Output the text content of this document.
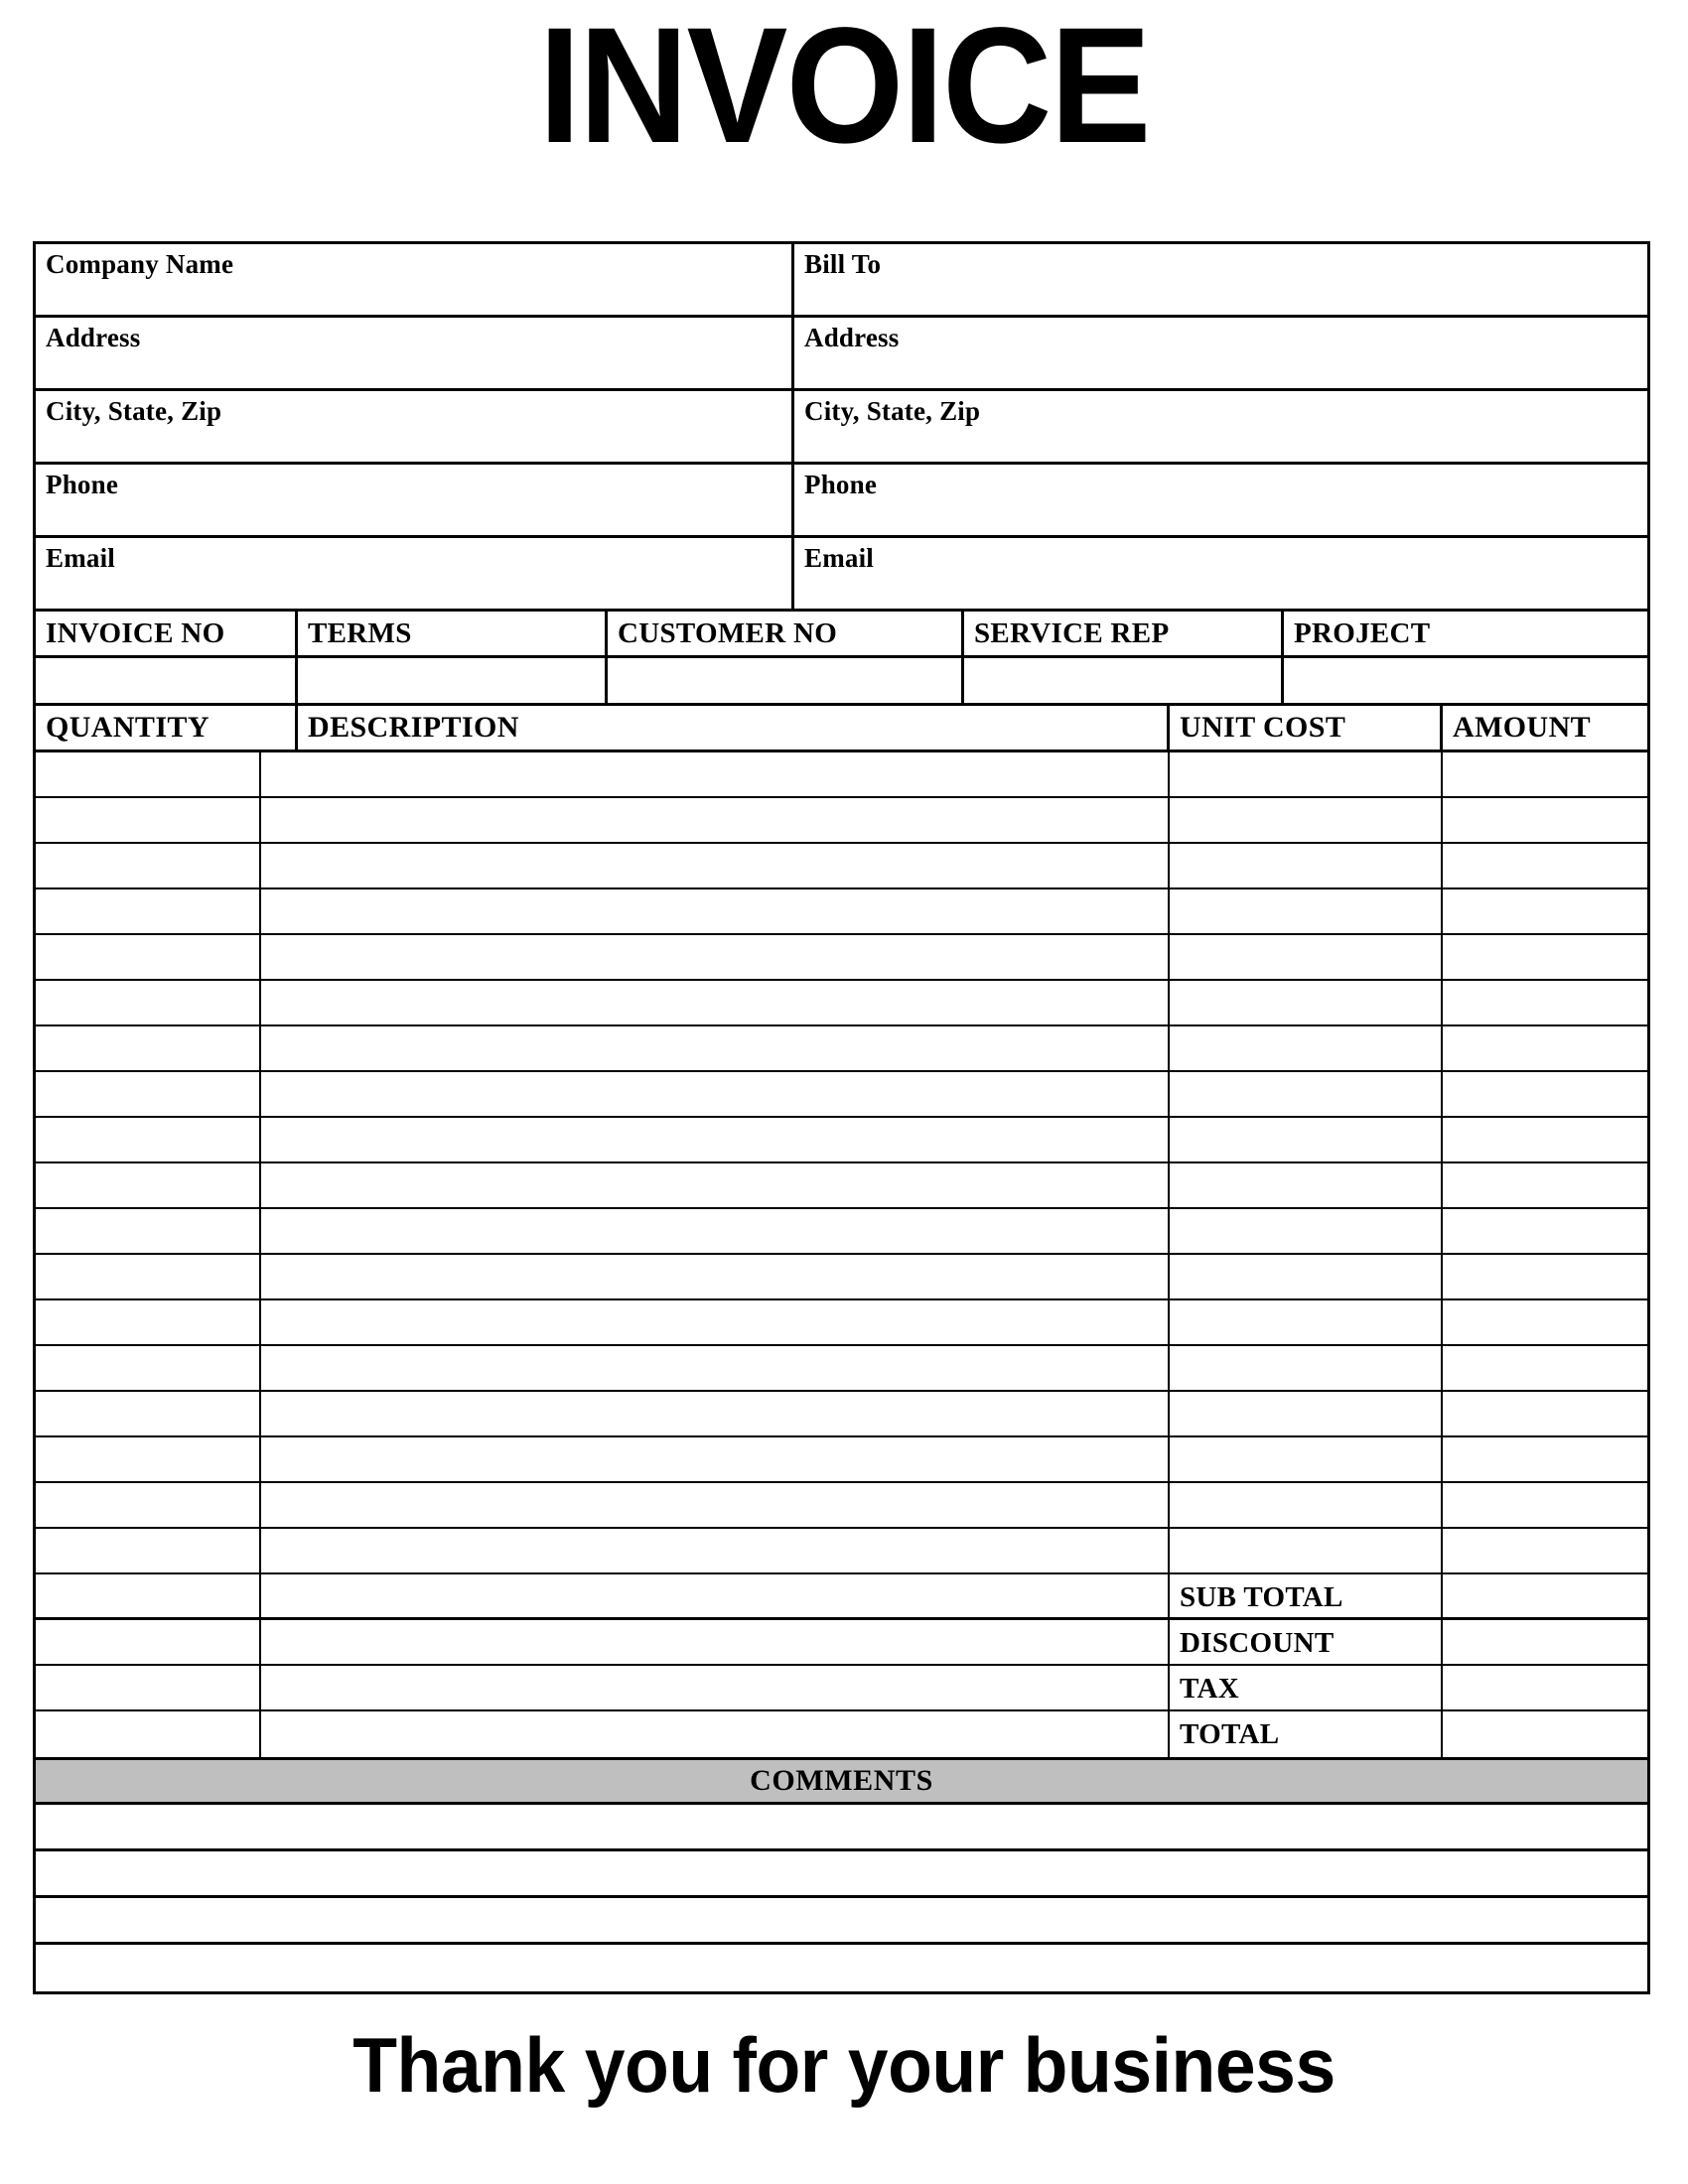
INVOICE
Company Name	Bill To
Address	Address
City, State, Zip	City, State, Zip
Phone	Phone
Email	Email
INVOICE NO	TERMS	CUSTOMER NO	SERVICE REP	PROJECT
QUANTITY	DESCRIPTION	UNIT COST	AMOUNT
SUB TOTAL
DISCOUNT
TAX
TOTAL
COMMENTS
Thank you for your business
